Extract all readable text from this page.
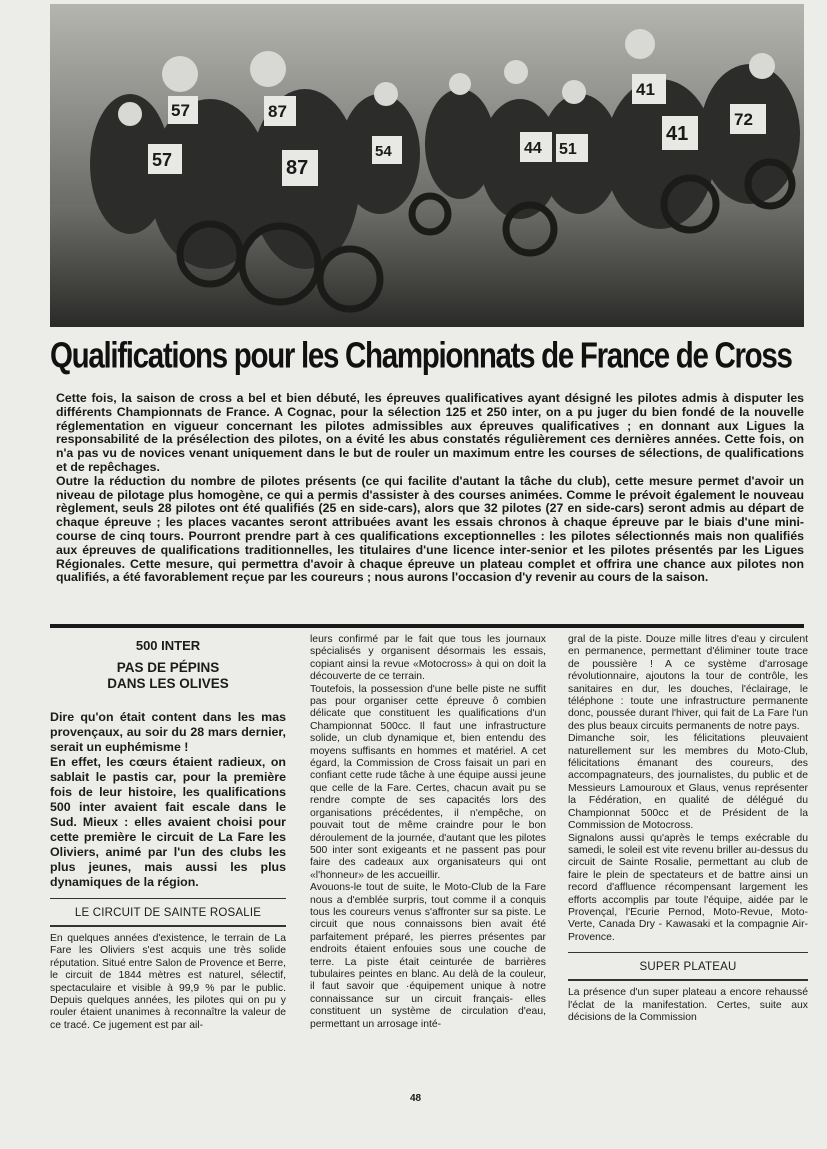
57	87
87
41
41
72
57
44 51
54
Qualifications pour les Championnats de France de Cross

Cette fois, la saison de cross a bel et bien débuté, les épreuves qualificatives ayant désigné les pilotes admis à disputer les différents Championnats de France. A Cognac, pour la sélection 125 et 250 inter, on a pu juger du bien fondé de la nouvelle réglementation en vigueur concernant les pilotes admissibles aux épreuves qualificatives ; en donnant aux Ligues la responsabilité de la présélection des pilotes, on a évité les abus constatés régulièrement ces dernières années. Cette fois, on n'a pas vu de novices venant uniquement dans le but de rouler un maximum entre les courses de sélections, de qualifications et de repêchages.

Outre la réduction du nombre de pilotes présents (ce qui facilite d'autant la tâche du club), cette mesure permet d'avoir un niveau de pilotage plus homogène, ce qui a permis d'assister à des courses animées. Comme le prévoit également le nouveau règlement, seuls 28 pilotes ont été qualifiés (25 en side-cars), alors que 32 pilotes (27 en side-cars) seront admis au départ de chaque épreuve ; les places vacantes seront attribuées avant les essais chronos à chaque épreuve par le biais d'une mini-course de cinq tours. Pourront prendre part à ces qualifications exceptionnelles : les pilotes sélectionnés mais non qualifiés aux épreuves de qualifications traditionnelles, les titulaires d'une licence inter-senior et les pilotes présentés par les Ligues Régionales. Cette mesure, qui permettra d'avoir à chaque épreuve un plateau complet et offrira une chance aux pilotes non qualifiés, a été favorablement reçue par les coureurs ; nous aurons l'occasion d'y revenir au cours de la saison.

500 INTER
PAS DE PÉPINS
DANS LES OLIVES

Dire qu'on était content dans les mas provençaux, au soir du 28 mars dernier, serait un euphémisme !

En effet, les cœurs étaient radieux, on sablait le pastis car, pour la première fois de leur histoire, les qualifications 500 inter avaient fait escale dans le Sud. Mieux : elles avaient choisi pour cette première le circuit de La Fare les Oliviers, animé par l'un des clubs les plus jeunes, mais aussi les plus dynamiques de la région.

LE CIRCUIT DE SAINTE ROSALIE

En quelques années d'existence, le terrain de La Fare les Oliviers s'est acquis une très solide réputation. Situé entre Salon de Provence et Berre, le circuit de 1844 mètres est naturel, sélectif, spectaculaire et visible à 99,9 % par le public. Depuis quelques années, les pilotes qui on pu y rouler étaient unanimes à reconnaître la valeur de ce tracé. Ce jugement est par ail-

leurs confirmé par le fait que tous les journaux spécialisés y organisent désormais les essais, copiant ainsi la revue «Motocross» à qui on doit la découverte de ce terrain.

Toutefois, la possession d'une belle piste ne suffit pas pour organiser cette épreuve ô combien délicate que constituent les qualifications d'un Championnat 500cc. Il faut une infrastructure solide, un club dynamique et, bien entendu des moyens suffisants en hommes et matériel. A cet égard, la Commission de Cross faisait un pari en confiant cette rude tâche à une équipe aussi jeune que celle de la Fare. Certes, chacun avait pu se rendre compte de ses capacités lors des organisations précédentes, il n'empêche, on pouvait tout de même craindre pour le bon déroulement de la journée, d'autant que les pilotes 500 inter sont exigeants et ne passent pas pour faire des cadeaux aux organisateurs qui ont «l'honneur» de les accueillir.

Avouons-le tout de suite, le Moto-Club de la Fare nous a d'emblée surpris, tout comme il a conquis tous les coureurs venus s'affronter sur sa piste. Le circuit que nous connaissons bien avait été parfaitement préparé, les pierres présentes par endroits étaient enfouies sous une couche de terre. La piste était ceinturée de barrières tubulaires peintes en blanc. Au delà de la couleur, il faut savoir que ·équipement unique à notre connaissance sur un circuit français- elles constituent un système de circulation d'eau, permettant un arrosage inté-

gral de la piste. Douze mille litres d'eau y circulent en permanence, permettant d'éliminer toute trace de poussière ! A ce système d'arrosage révolutionnaire, ajoutons la tour de contrôle, les sanitaires en dur, les douches, l'éclairage, le téléphone : toute une infrastructure permanente donc, poussée durant l'hiver, qui fait de La Fare l'un des plus beaux circuits permanents de notre pays.

Dimanche soir, les félicitations pleuvaient naturellement sur les membres du Moto-Club, félicitations émanant des coureurs, des accompagnateurs, des journalistes, du public et de Messieurs Lamouroux et Glaus, venus représenter la Fédération, en qualité de délégué du Championnat 500cc et de Président de la Commission de Motocross.

Signalons aussi qu'après le temps exécrable du samedi, le soleil est vite revenu briller au-dessus du circuit de Sainte Rosalie, permettant au club de faire le plein de spectateurs et de battre ainsi un record d'affluence récompensant largement les efforts accomplis par toute l'équipe, aidée par le Provençal, l'Ecurie Pernod, Moto-Revue, Moto-Verte, Canada Dry - Kawasaki et la compagnie Air-Provence.

SUPER PLATEAU

La présence d'un super plateau a encore rehaussé l'éclat de la manifestation. Certes, suite aux décisions de la Commission

48
